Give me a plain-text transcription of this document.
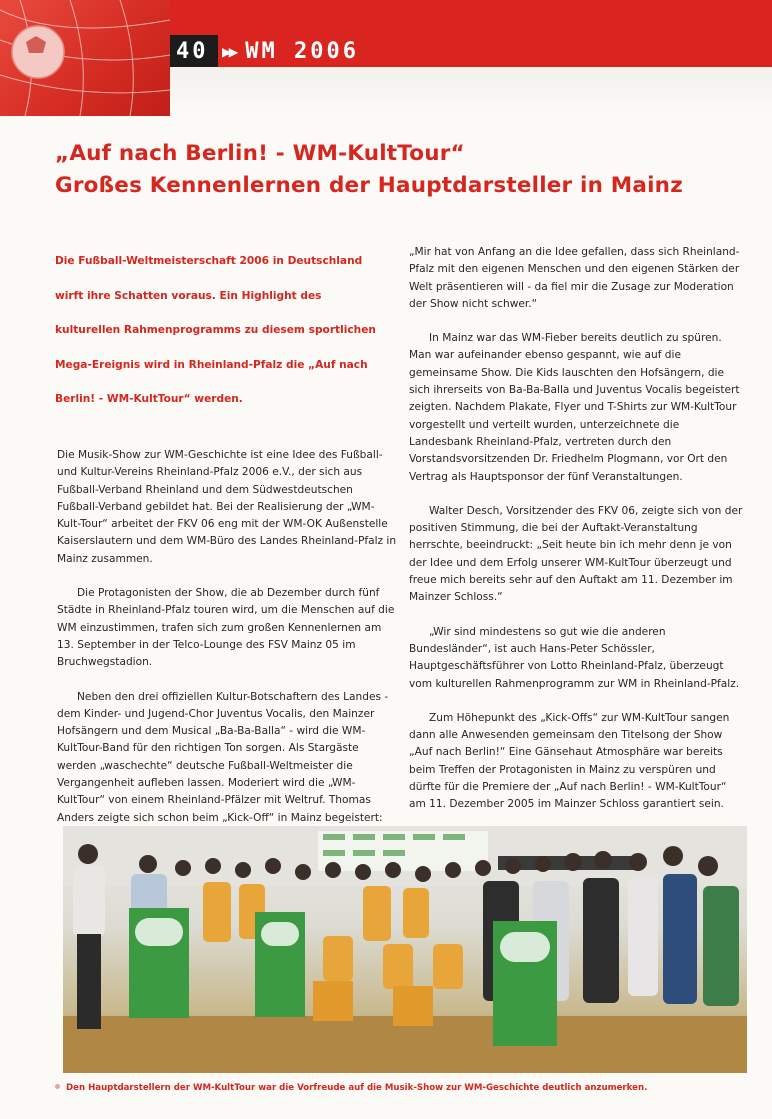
40 ▶▶ WM 2006
„Auf nach Berlin! - WM-KultTour“
Großes Kennenlernen der Hauptdarsteller in Mainz
Die Fußball-Weltmeisterschaft 2006 in Deutschland wirft ihre Schatten voraus. Ein Highlight des kulturellen Rahmenprogramms zu diesem sportlichen Mega-Ereignis wird in Rheinland-Pfalz die „Auf nach Berlin! - WM-KultTour“ werden.

Die Musik-Show zur WM-Geschichte ist eine Idee des Fußball- und Kultur-Vereins Rheinland-Pfalz 2006 e.V., der sich aus Fußball-Verband Rheinland und dem Südwestdeutschen Fußball-Verband gebildet hat. Bei der Realisierung der „WM-Kult-Tour“ arbeitet der FKV 06 eng mit der WM-OK Außenstelle Kaiserslautern und dem WM-Büro des Landes Rheinland-Pfalz in Mainz zusammen.

Die Protagonisten der Show, die ab Dezember durch fünf Städte in Rheinland-Pfalz touren wird, um die Menschen auf die WM einzustimmen, trafen sich zum großen Kennenlernen am 13. September in der Telco-Lounge des FSV Mainz 05 im Bruchwegstadion.

Neben den drei offiziellen Kultur-Botschaftern des Landes - dem Kinder- und Jugend-Chor Juventus Vocalis, den Mainzer Hofsängern und dem Musical „Ba-Ba-Balla“ - wird die WM-KultTour-Band für den richtigen Ton sorgen. Als Stargäste werden „waschechte“ deutsche Fußball-Weltmeister die Vergangenheit aufleben lassen. Moderiert wird die „WM-KultTour“ von einem Rheinland-Pfälzer mit Weltruf. Thomas Anders zeigte sich schon beim „Kick-Off“ in Mainz begeistert:

„Mir hat von Anfang an die Idee gefallen, dass sich Rheinland-Pfalz mit den eigenen Menschen und den eigenen Stärken der Welt präsentieren will - da fiel mir die Zusage zur Moderation der Show nicht schwer.“

In Mainz war das WM-Fieber bereits deutlich zu spüren. Man war aufeinander ebenso gespannt, wie auf die gemeinsame Show. Die Kids lauschten den Hofsängern, die sich ihrerseits von Ba-Ba-Balla und Juventus Vocalis begeistert zeigten. Nachdem Plakate, Flyer und T-Shirts zur WM-KultTour vorgestellt und verteilt wurden, unterzeichnete die Landesbank Rheinland-Pfalz, vertreten durch den Vorstandsvorsitzenden Dr. Friedhelm Plogmann, vor Ort den Vertrag als Hauptsponsor der fünf Veranstaltungen.

Walter Desch, Vorsitzender des FKV 06, zeigte sich von der positiven Stimmung, die bei der Auftakt-Veranstaltung herrschte, beeindruckt: „Seit heute bin ich mehr denn je von der Idee und dem Erfolg unserer WM-KultTour überzeugt und freue mich bereits sehr auf den Auftakt am 11. Dezember im Mainzer Schloss.“

„Wir sind mindestens so gut wie die anderen Bundesländer“, ist auch Hans-Peter Schössler, Hauptgeschäftsführer von Lotto Rheinland-Pfalz, überzeugt vom kulturellen Rahmenprogramm zur WM in Rheinland-Pfalz.

Zum Höhepunkt des „Kick-Offs“ zur WM-KultTour sangen dann alle Anwesenden gemeinsam den Titelsong der Show „Auf nach Berlin!“ Eine Gänsehaut Atmosphäre war bereits beim Treffen der Protagonisten in Mainz zu verspüren und dürfte für die Premiere der „Auf nach Berlin! - WM-KultTour“ am 11. Dezember 2005 im Mainzer Schloss garantiert sein.

Den Hauptdarstellern der WM-KultTour war die Vorfreude auf die Musik-Show zur WM-Geschichte deutlich anzumerken.
